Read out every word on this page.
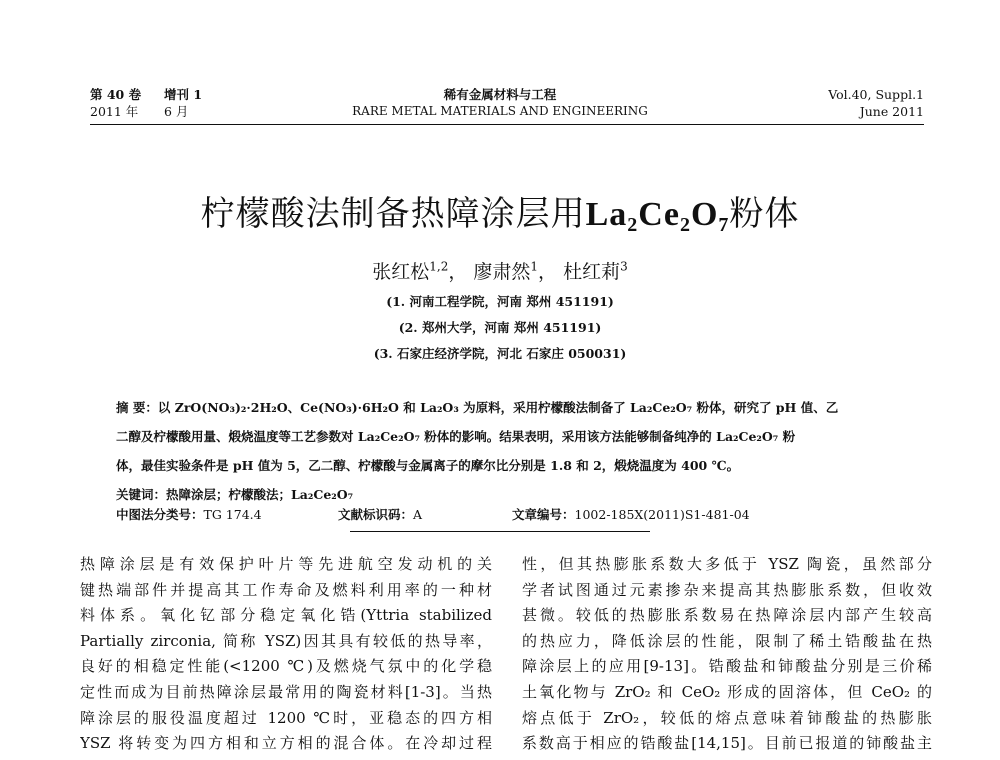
第 40 卷 增刊 1
2011 年 6 月
稀有金属材料与工程
RARE METAL MATERIALS AND ENGINEERING
Vol.40, Suppl.1
June 2011
柠檬酸法制备热障涂层用$La_2Ce_2O_7$粉体
张红松$^{1,2}$， 廖肃然$^1$， 杜红莉$^3$
(1. 河南工程学院，河南 郑州 451191)
(2. 郑州大学，河南 郑州 451191)
(3. 石家庄经济学院，河北 石家庄 050031)
摘 要：以 ZrO(NO₃)₂·2H₂O、Ce(NO₃)·6H₂O 和 La₂O₃ 为原料，采用柠檬酸法制备了 La₂Ce₂O₇ 粉体，研究了 pH 值、乙
二醇及柠檬酸用量、煅烧温度等工艺参数对 La₂Ce₂O₇ 粉体的影响。结果表明，采用该方法能够制备纯净的 La₂Ce₂O₇ 粉
体，最佳实验条件是 pH 值为 5，乙二醇、柠檬酸与金属离子的摩尔比分别是 1.8 和 2，煅烧温度为 400 ℃。
关键词：热障涂层；柠檬酸法；La₂Ce₂O₇
中图法分类号：TG 174.4	文献标识码：A	文章编号：1002-185X(2011)S1-481-04
热障涂层是有效保护叶片等先进航空发动机的关
键热端部件并提高其工作寿命及燃料利用率的一种材
料体系。氧化钇部分稳定氧化锆(Yttria stabilized
Partially zirconia, 简称 YSZ)因其具有较低的热导率，
良好的相稳定性能(<1200 ℃)及燃烧气氛中的化学稳
定性而成为目前热障涂层最常用的陶瓷材料[1-3]。当热
障涂层的服役温度超过 1200 ℃时，亚稳态的四方相
YSZ 将转变为四方相和立方相的混合体。在冷却过程
性，但其热膨胀系数大多低于 YSZ 陶瓷，虽然部分
学者试图通过元素掺杂来提高其热膨胀系数，但收效
甚微。较低的热膨胀系数易在热障涂层内部产生较高
的热应力，降低涂层的性能，限制了稀土锆酸盐在热
障涂层上的应用[9-13]。锆酸盐和铈酸盐分别是三价稀
土氧化物与 ZrO₂ 和 CeO₂ 形成的固溶体，但 CeO₂ 的
熔点低于 ZrO₂，较低的熔点意味着铈酸盐的热膨胀
系数高于相应的锆酸盐[14,15]。目前已报道的铈酸盐主
